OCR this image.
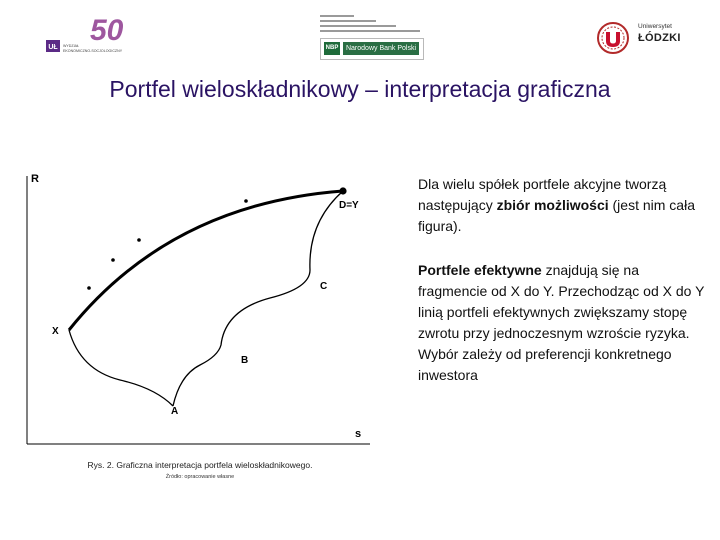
UŁ
50
WYDZIAŁ
EKONOMICZNO-SOCJOLOGICZNY	NBP	Narodowy Bank Polski
Uniwersytet
ŁÓDZKI
Portfel wieloskładnikowy – interpretacja graficzna
R
s
D=Y
C
B
A
X
Rys. 2. Graficzna interpretacja portfela wieloskładnikowego.
Źródło: opracowanie własne
Dla wielu spółek portfele akcyjne tworzą następujący zbiór możliwości (jest nim cała figura).
Portfele efektywne znajdują się na fragmencie od X do Y. Przechodząc od X do Y linią portfeli efektywnych zwiększamy stopę zwrotu przy jednoczesnym wzroście ryzyka. Wybór zależy od preferencji konkretnego inwestora
